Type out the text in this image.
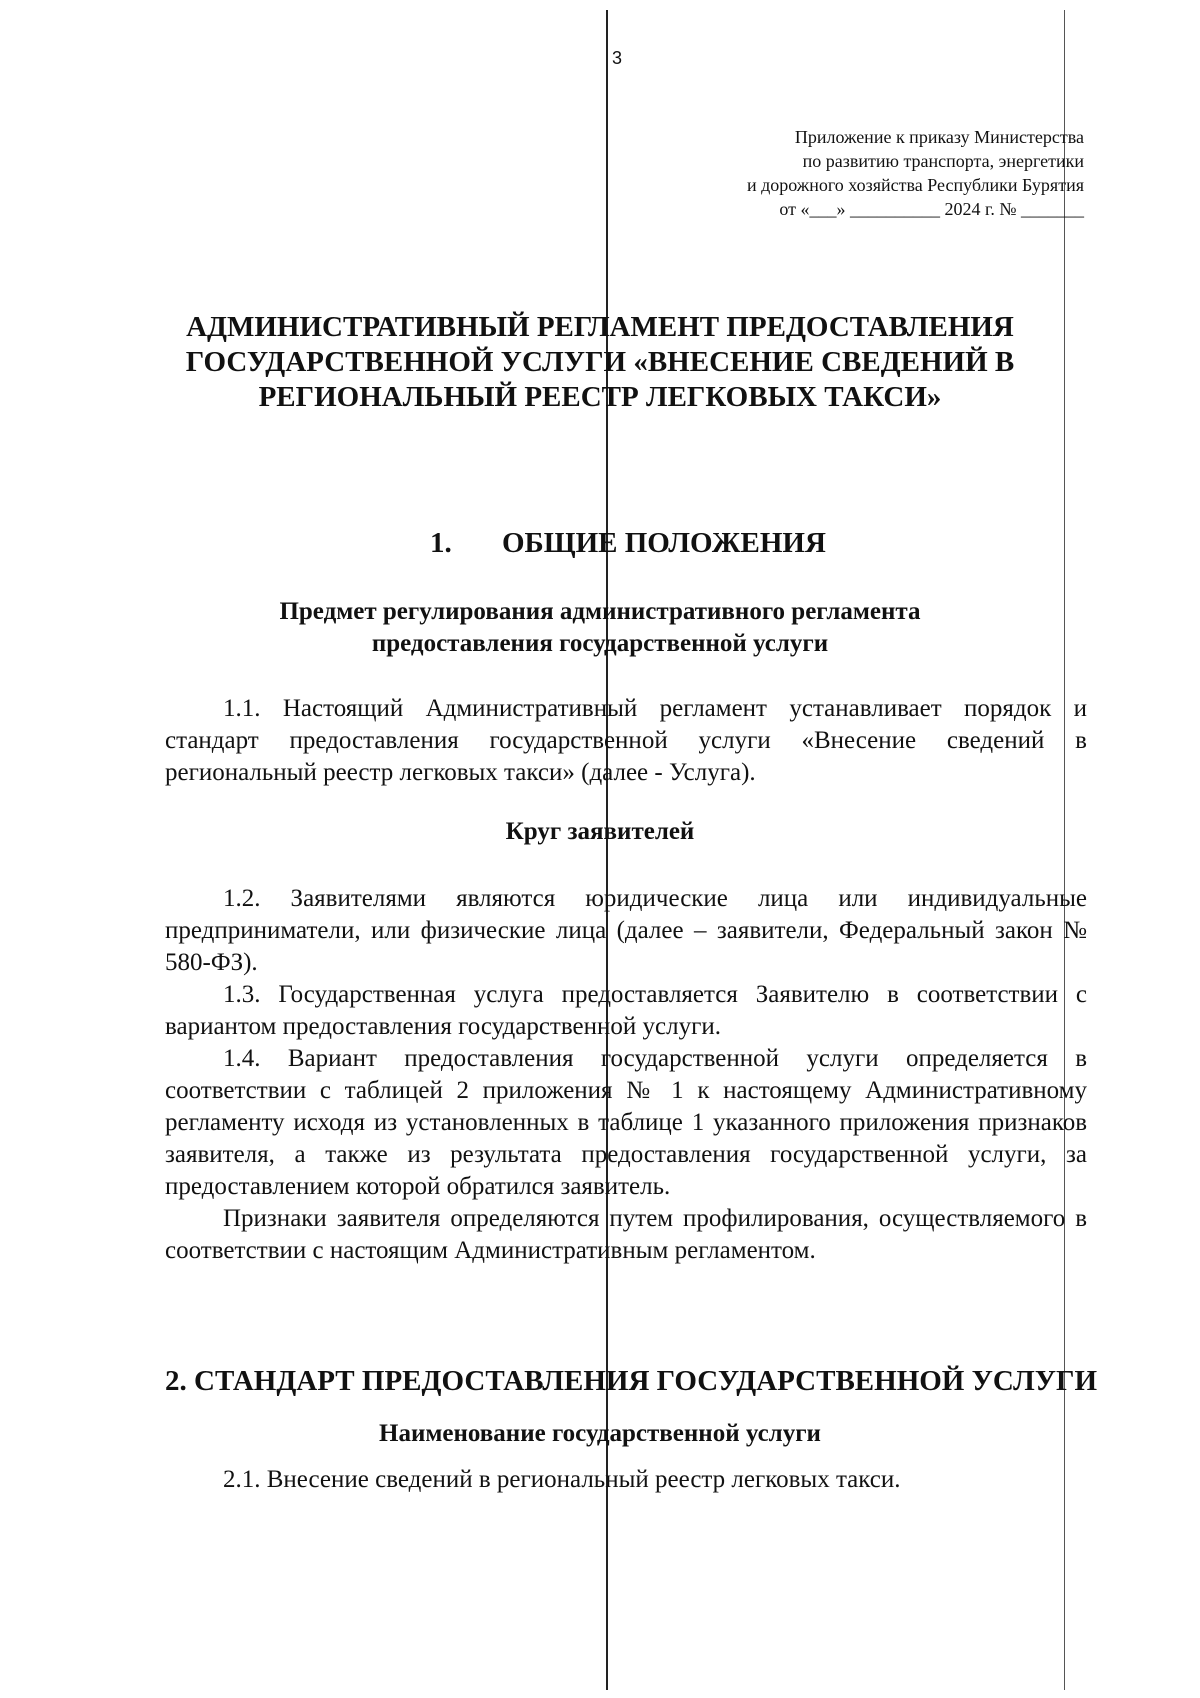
3
Приложение к приказу Министерства
по развитию транспорта, энергетики
и дорожного хозяйства Республики Бурятия
от «___» __________ 2024 г. № _______
АДМИНИСТРАТИВНЫЙ РЕГЛАМЕНТ ПРЕДОСТАВЛЕНИЯ
ГОСУДАРСТВЕННОЙ УСЛУГИ «ВНЕСЕНИЕ СВЕДЕНИЙ В
РЕГИОНАЛЬНЫЙ РЕЕСТР ЛЕГКОВЫХ ТАКСИ»
1. ОБЩИЕ ПОЛОЖЕНИЯ
Предмет регулирования административного регламента
предоставления государственной услуги

1.1. Настоящий Административный регламент устанавливает порядок и стандарт предоставления государственной услуги «Внесение сведений в региональный реестр легковых такси» (далее - Услуга).

Круг заявителей

1.2. Заявителями являются юридические лица или индивидуальные предприниматели, или физические лица (далее – заявители, Федеральный закон № 580-ФЗ).

1.3. Государственная услуга предоставляется Заявителю в соответствии с вариантом предоставления государственной услуги.

1.4. Вариант предоставления государственной услуги определяется в соответствии с таблицей 2 приложения № 1 к настоящему Административному регламенту исходя из установленных в таблице 1 указанного приложения признаков заявителя, а также из результата предоставления государственной услуги, за предоставлением которой обратился заявитель.

Признаки заявителя определяются путем профилирования, осуществляемого в соответствии с настоящим Административным регламентом.

2. СТАНДАРТ ПРЕДОСТАВЛЕНИЯ ГОСУДАРСТВЕННОЙ УСЛУГИ
Наименование государственной услуги

2.1. Внесение сведений в региональный реестр легковых такси.
